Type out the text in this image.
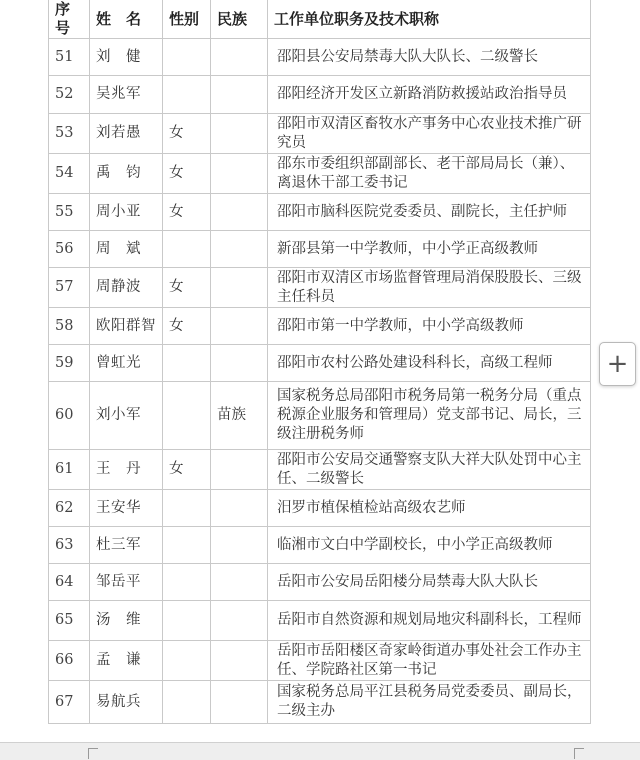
序号	姓　名	性别	民族	工作单位职务及技术职称
51	刘　健			邵阳县公安局禁毒大队大队长、二级警长
52	吴兆军			邵阳经济开发区立新路消防救援站政治指导员
53	刘若愚	女		邵阳市双清区畜牧水产事务中心农业技术推广研究员
54	禹　钧	女		邵东市委组织部副部长、老干部局局长（兼）、离退休干部工委书记
55	周小亚	女		邵阳市脑科医院党委委员、副院长，主任护师
56	周　斌			新邵县第一中学教师，中小学正高级教师
57	周静波	女		邵阳市双清区市场监督管理局消保股股长、三级主任科员
58	欧阳群智	女		邵阳市第一中学教师，中小学高级教师
59	曾虹光			邵阳市农村公路处建设科科长，高级工程师
60	刘小军		苗族	国家税务总局邵阳市税务局第一税务分局（重点税源企业服务和管理局）党支部书记、局长，三级注册税务师
61	王　丹	女		邵阳市公安局交通警察支队大祥大队处罚中心主任、二级警长
62	王安华			汨罗市植保植检站高级农艺师
63	杜三军			临湘市文白中学副校长，中小学正高级教师
64	邹岳平			岳阳市公安局岳阳楼分局禁毒大队大队长
65	汤　维			岳阳市自然资源和规划局地灾科副科长，工程师
66	孟　谦			岳阳市岳阳楼区奇家岭街道办事处社会工作办主任、学院路社区第一书记
67	易航兵			国家税务总局平江县税务局党委委员、副局长，二级主办
+
